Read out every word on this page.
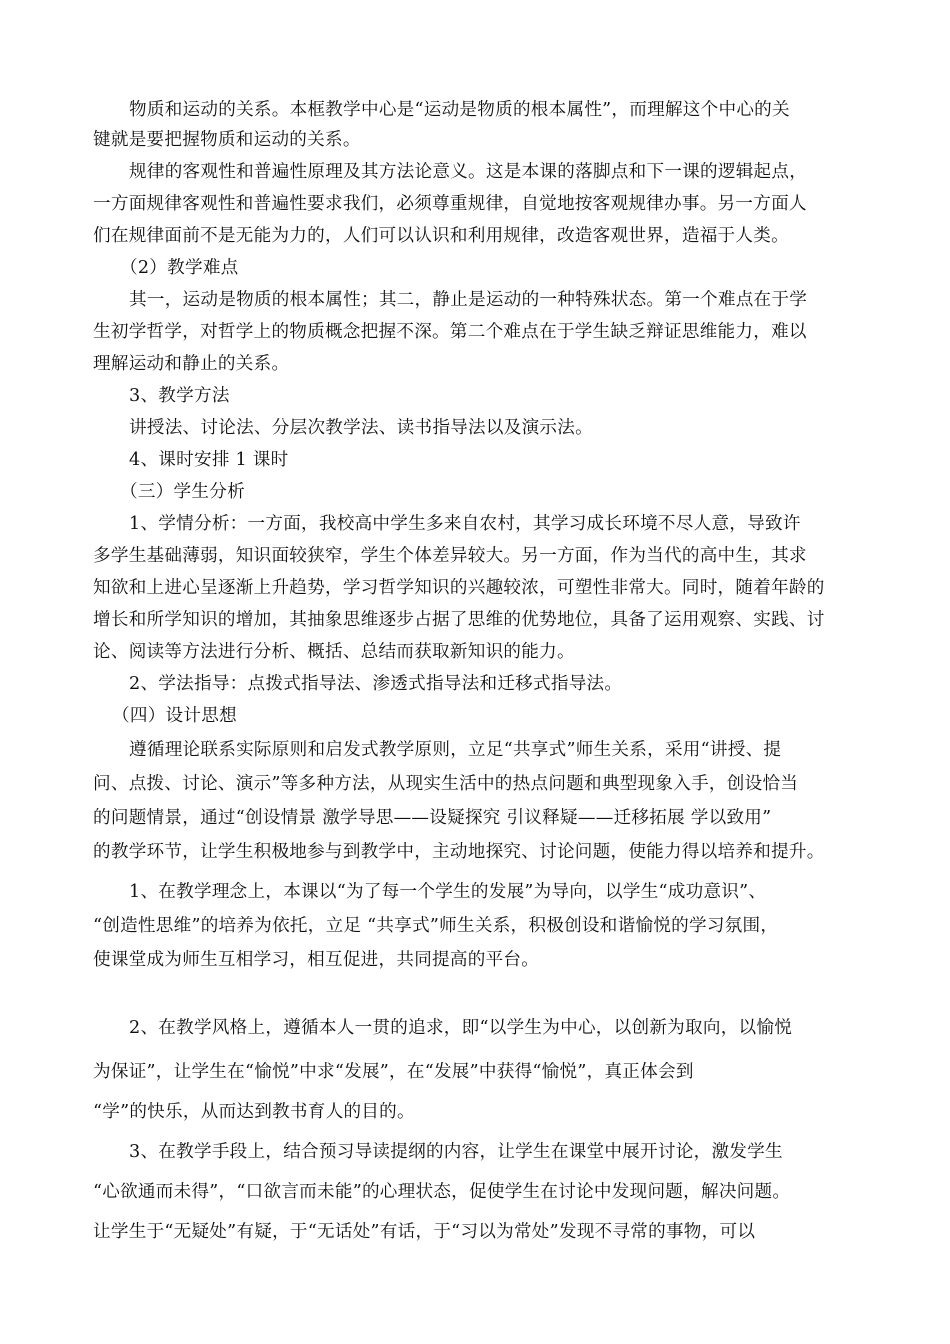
物质和运动的关系。本框教学中心是“运动是物质的根本属性”，而理解这个中心的关
键就是要把握物质和运动的关系。
规律的客观性和普遍性原理及其方法论意义。这是本课的落脚点和下一课的逻辑起点，
一方面规律客观性和普遍性要求我们，必须尊重规律，自觉地按客观规律办事。另一方面人
们在规律面前不是无能为力的，人们可以认识和利用规律，改造客观世界，造福于人类。
（2）教学难点
其一，运动是物质的根本属性；其二，静止是运动的一种特殊状态。第一个难点在于学
生初学哲学，对哲学上的物质概念把握不深。第二个难点在于学生缺乏辩证思维能力，难以
理解运动和静止的关系。
3、教学方法
讲授法、讨论法、分层次教学法、读书指导法以及演示法。
4、课时安排 1 课时
（三）学生分析
1、学情分析：一方面，我校高中学生多来自农村，其学习成长环境不尽人意，导致许
多学生基础薄弱，知识面较狭窄，学生个体差异较大。另一方面，作为当代的高中生，其求
知欲和上进心呈逐渐上升趋势，学习哲学知识的兴趣较浓，可塑性非常大。同时，随着年龄的
增长和所学知识的增加，其抽象思维逐步占据了思维的优势地位，具备了运用观察、实践、讨
论、阅读等方法进行分析、概括、总结而获取新知识的能力。
2、学法指导：点拨式指导法、渗透式指导法和迁移式指导法。
（四）设计思想
遵循理论联系实际原则和启发式教学原则，立足“共享式”师生关系，采用“讲授、提
问、点拨、讨论、演示”等多种方法，从现实生活中的热点问题和典型现象入手，创设恰当
的问题情景，通过“创设情景 激学导思——设疑探究 引议释疑——迁移拓展 学以致用”
的教学环节，让学生积极地参与到教学中，主动地探究、讨论问题，使能力得以培养和提升。
1、在教学理念上，本课以“为了每一个学生的发展”为导向，以学生“成功意识”、
“创造性思维”的培养为依托，立足 “共享式”师生关系，积极创设和谐愉悦的学习氛围，
使课堂成为师生互相学习，相互促进，共同提高的平台。
2、在教学风格上，遵循本人一贯的追求，即“以学生为中心，以创新为取向，以愉悦
为保证”，让学生在“愉悦”中求“发展”，在“发展”中获得“愉悦”，真正体会到
“学”的快乐，从而达到教书育人的目的。
3、在教学手段上，结合预习导读提纲的内容，让学生在课堂中展开讨论，激发学生
“心欲通而未得”，“口欲言而未能”的心理状态，促使学生在讨论中发现问题，解决问题。
让学生于“无疑处”有疑，于“无话处”有话，于“习以为常处”发现不寻常的事物，可以
